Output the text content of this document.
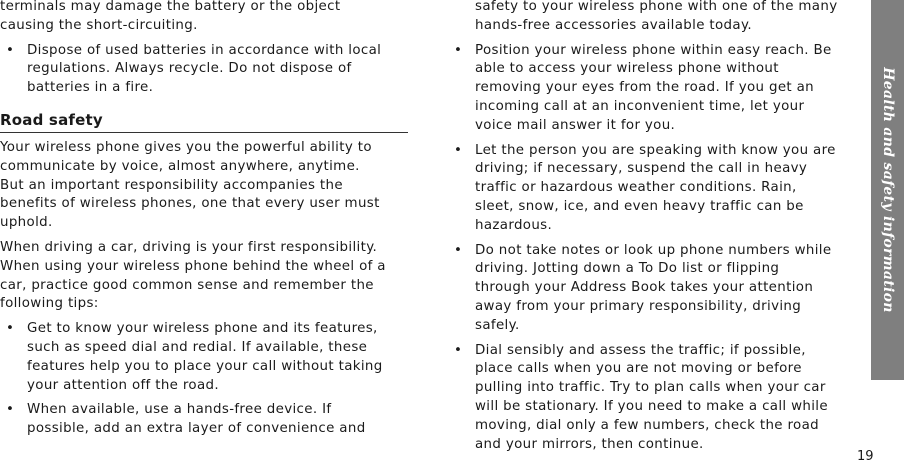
terminals may damage the battery or the object
causing the short-circuiting.
• Dispose of used batteries in accordance with local
regulations. Always recycle. Do not dispose of
batteries in a fire.
Road safety
Your wireless phone gives you the powerful ability to
communicate by voice, almost anywhere, anytime.
But an important responsibility accompanies the
benefits of wireless phones, one that every user must
uphold.
When driving a car, driving is your first responsibility.
When using your wireless phone behind the wheel of a
car, practice good common sense and remember the
following tips:
• Get to know your wireless phone and its features,
such as speed dial and redial. If available, these
features help you to place your call without taking
your attention off the road.
• When available, use a hands-free device. If
possible, add an extra layer of convenience and
safety to your wireless phone with one of the many
hands-free accessories available today.
• Position your wireless phone within easy reach. Be
able to access your wireless phone without
removing your eyes from the road. If you get an
incoming call at an inconvenient time, let your
voice mail answer it for you.
• Let the person you are speaking with know you are
driving; if necessary, suspend the call in heavy
traffic or hazardous weather conditions. Rain,
sleet, snow, ice, and even heavy traffic can be
hazardous.
• Do not take notes or look up phone numbers while
driving. Jotting down a To Do list or flipping
through your Address Book takes your attention
away from your primary responsibility, driving
safely.
• Dial sensibly and assess the traffic; if possible,
place calls when you are not moving or before
pulling into traffic. Try to plan calls when your car
will be stationary. If you need to make a call while
moving, dial only a few numbers, check the road
and your mirrors, then continue.
Health and safety information
19
